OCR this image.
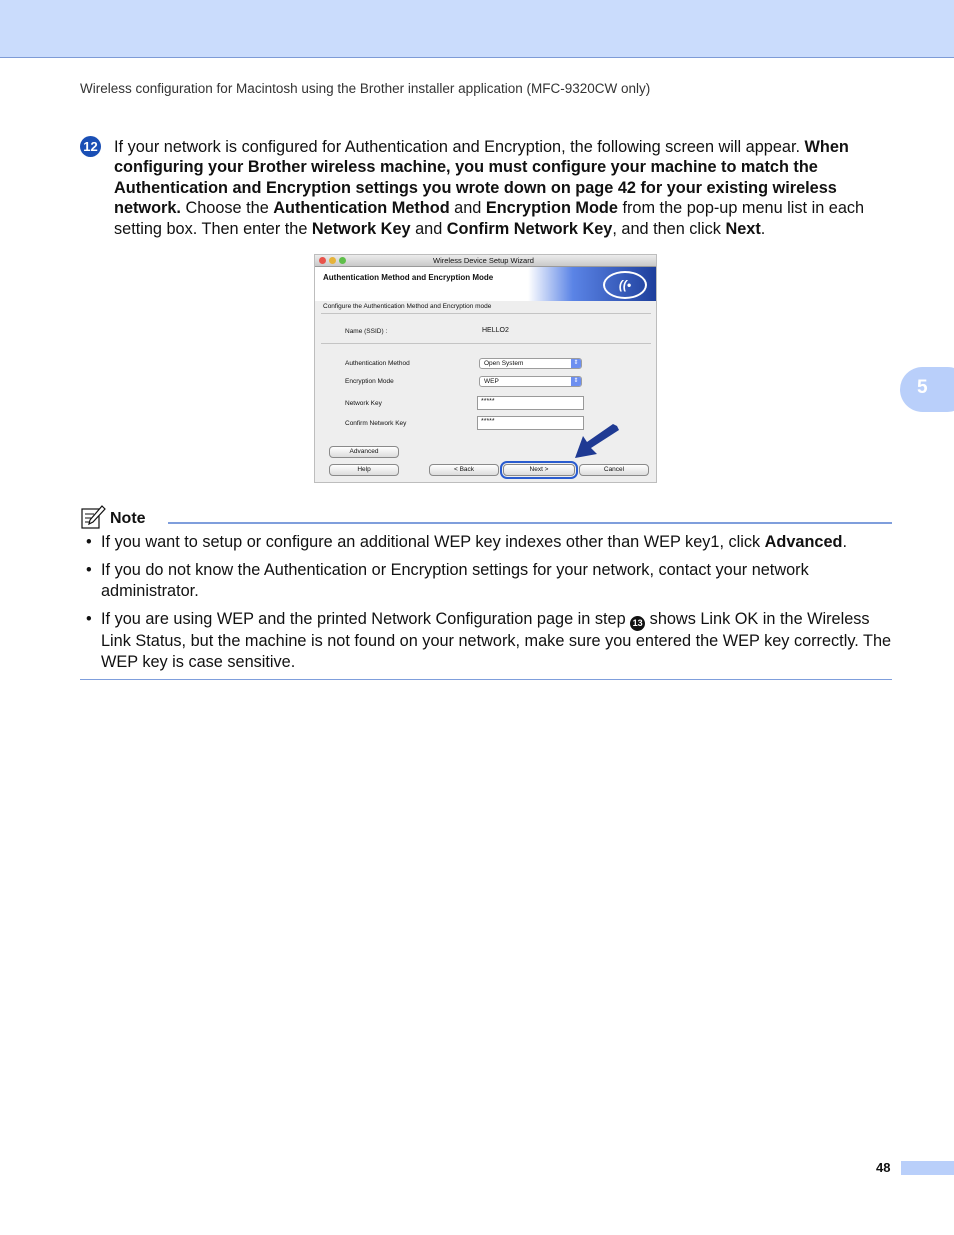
Wireless configuration for Macintosh using the Brother installer application (MFC-9320CW only)
5
12 If your network is configured for Authentication and Encryption, the following screen will appear. When configuring your Brother wireless machine, you must configure your machine to match the Authentication and Encryption settings you wrote down on page 42 for your existing wireless network. Choose the Authentication Method and Encryption Mode from the pop-up menu list in each setting box. Then enter the Network Key and Confirm Network Key, and then click Next.
Wireless Device Setup Wizard
Authentication Method and Encryption Mode
((•
Configure the Authentication Method and Encryption mode
Name (SSID) :	HELLO2
Authentication Method	Open System	⇕
Encryption Mode	WEP	⇕
Network Key	*****
Confirm Network Key	*****
Advanced
Help	< Back	Next >	Cancel
Note
• If you want to setup or configure an additional WEP key indexes other than WEP key1, click Advanced.
• If you do not know the Authentication or Encryption settings for your network, contact your network administrator.
• If you are using WEP and the printed Network Configuration page in step 13 shows Link OK in the Wireless Link Status, but the machine is not found on your network, make sure you entered the WEP key correctly. The WEP key is case sensitive.
48
